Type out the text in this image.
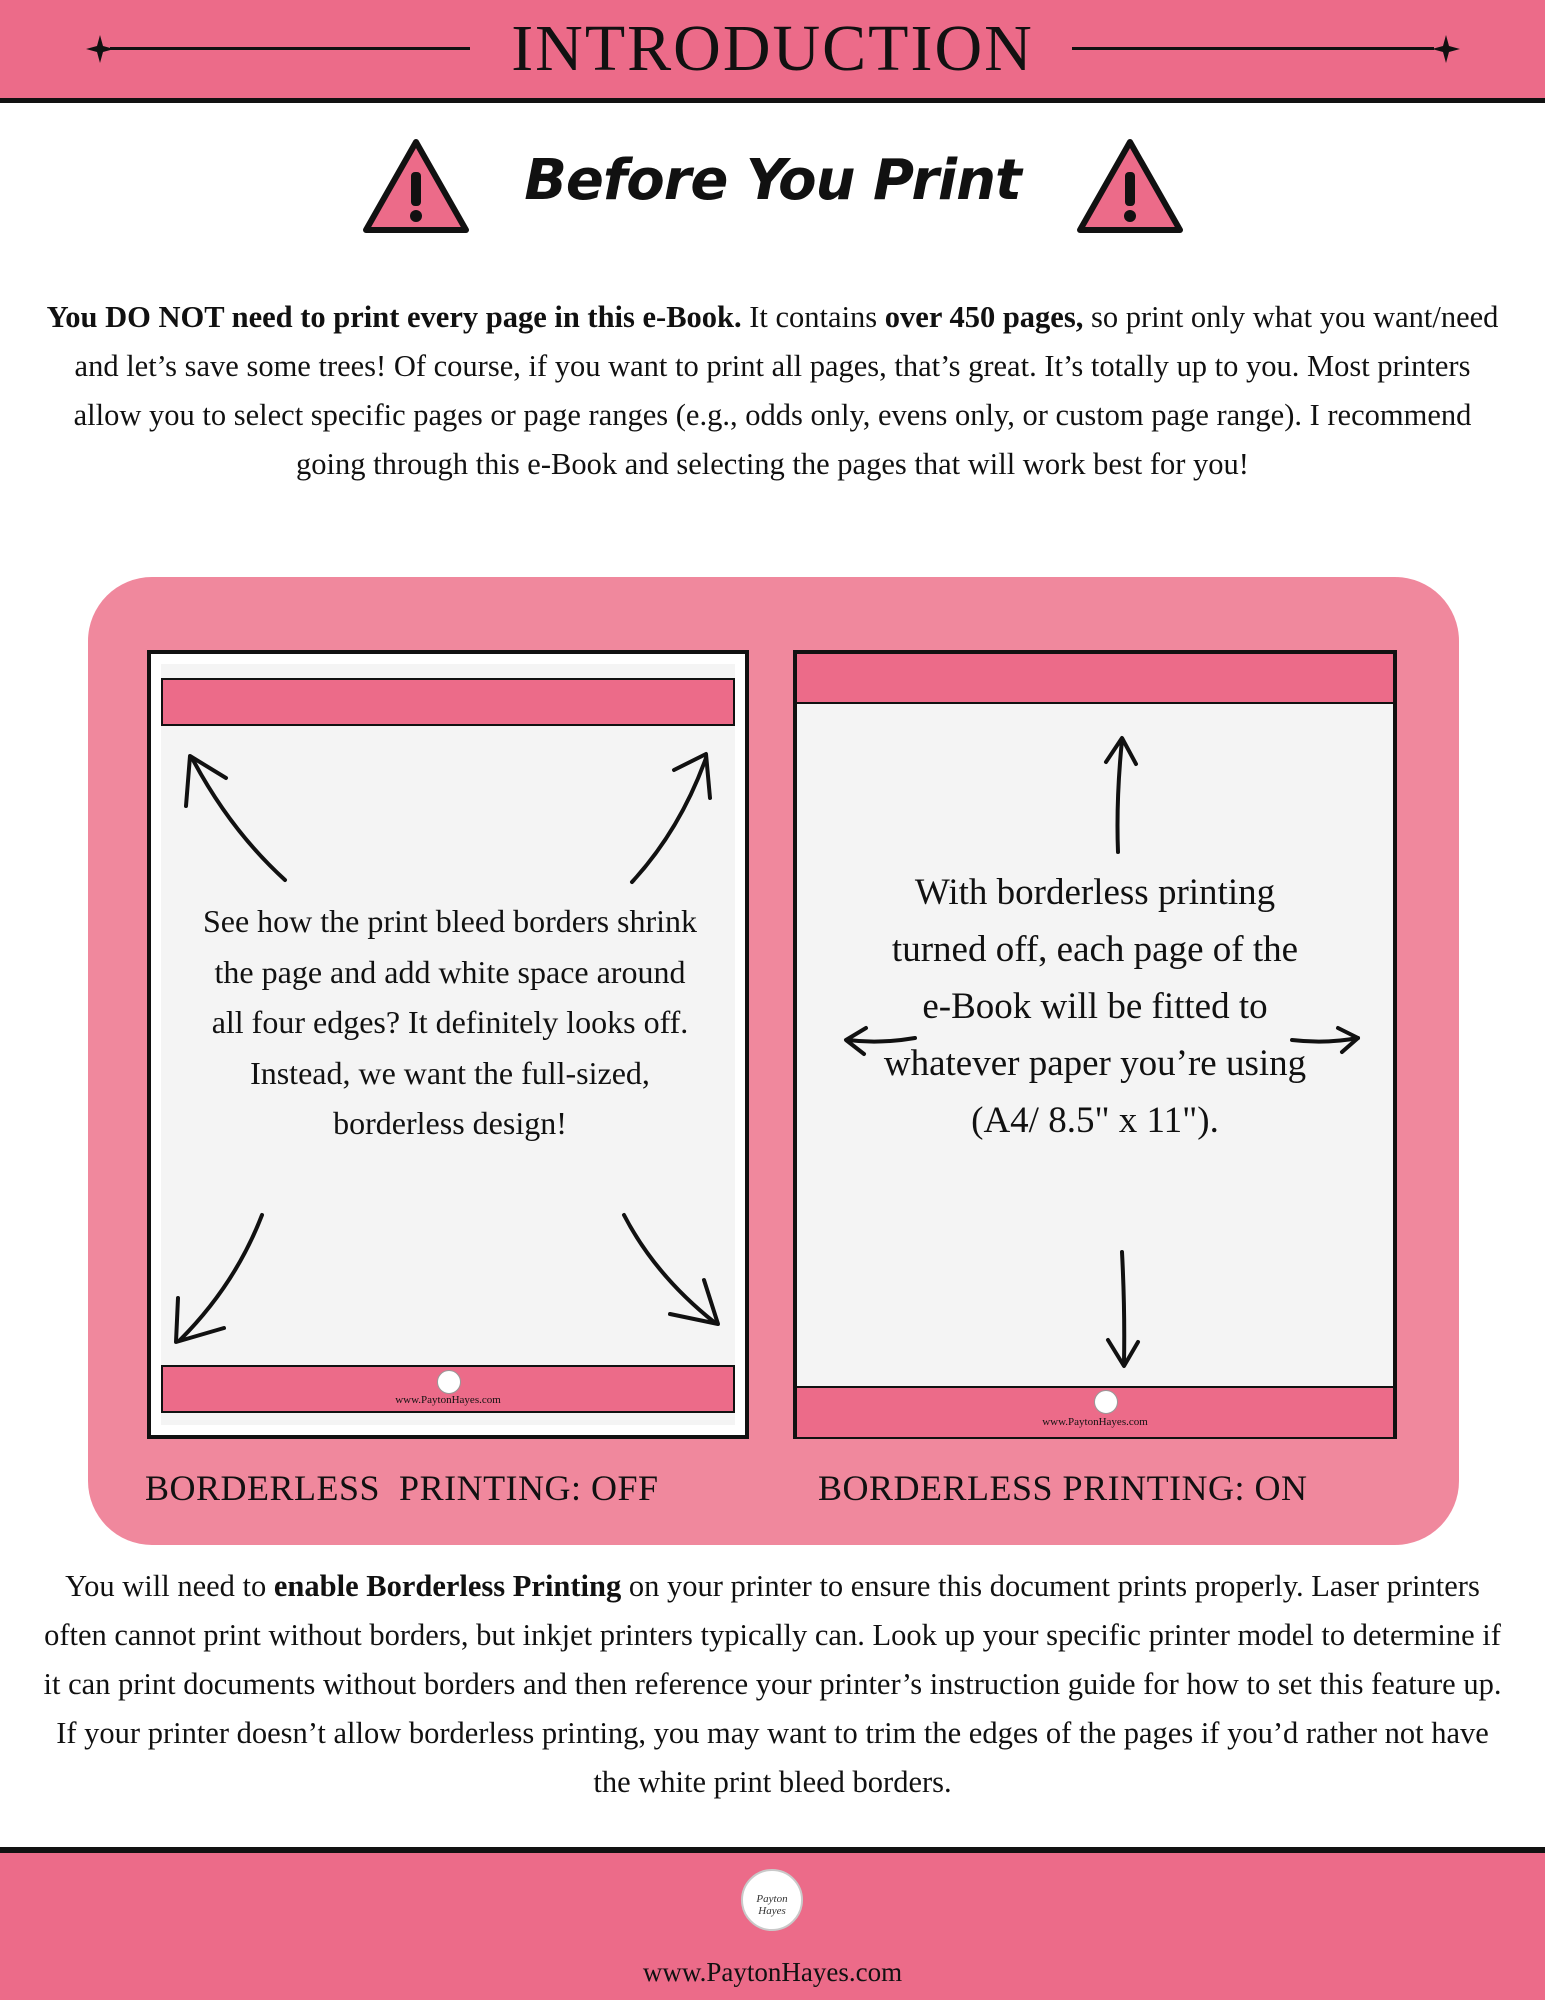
INTRODUCTION
Before You Print
You DO NOT need to print every page in this e-Book. It contains over 450 pages, so print only what you want/need and let’s save some trees! Of course, if you want to print all pages, that’s great. It’s totally up to you. Most printers allow you to select specific pages or page ranges (e.g., odds only, evens only, or custom page range). I recommend going through this e-Book and selecting the pages that will work best for you!
www.PaytonHayes.com
www.PaytonHayes.com
See how the print bleed borders shrink the page and add white space around all four edges? It definitely looks off. Instead, we want the full-sized, borderless design!
With borderless printing turned off, each page of the e-Book will be fitted to whatever paper you’re using (A4/ 8.5" x 11").
BORDERLESS  PRINTING: OFF	BORDERLESS PRINTING: ON
You will need to enable Borderless Printing on your printer to ensure this document prints properly. Laser printers often cannot print without borders, but inkjet printers typically can. Look up your specific printer model to determine if it can print documents without borders and then reference your printer’s instruction guide for how to set this feature up. If your printer doesn’t allow borderless printing, you may want to trim the edges of the pages if you’d rather not have the white print bleed borders.
Payton Hayes
www.PaytonHayes.com
